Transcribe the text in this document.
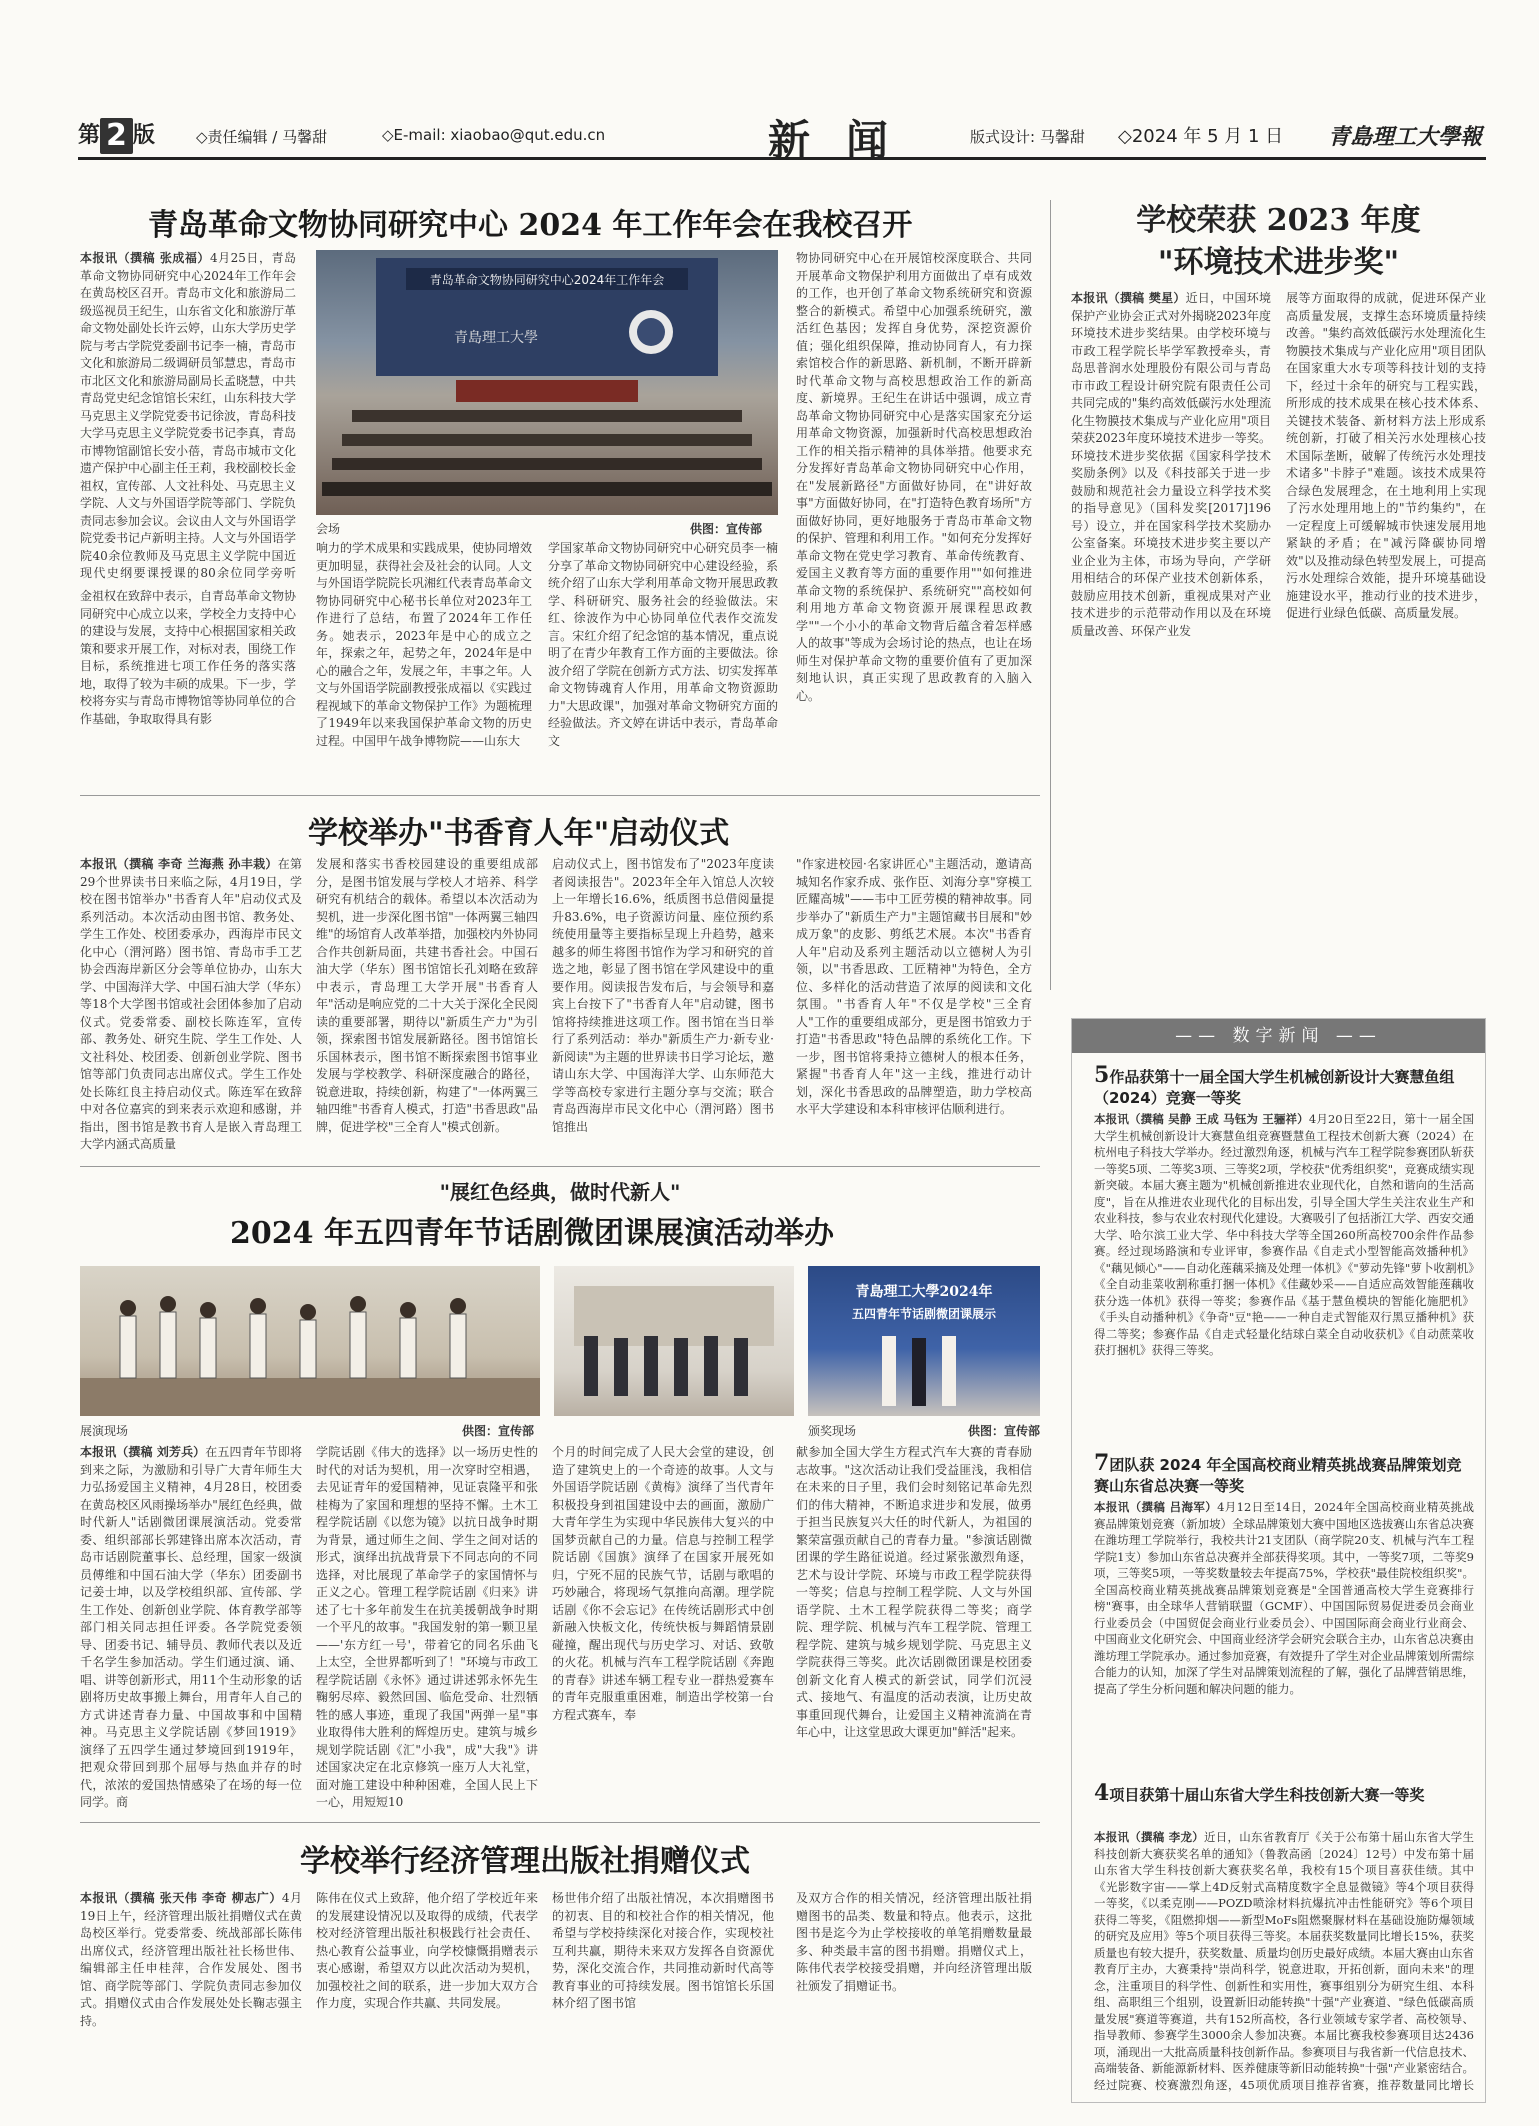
第 2 版	◇责任编辑 / 马馨甜	◇E-mail: xiaobao@qut.edu.cn	新闻	版式设计: 马馨甜 ◇2024 年 5 月 1 日 青島理工大學報
青岛革命文物协同研究中心 2024 年工作年会在我校召开
本报讯（撰稿 张成福）4月25日，青岛革命文物协同研究中心2024年工作年会在黄岛校区召开。青岛市文化和旅游局二级巡视员王纪生，山东省文化和旅游厅革命文物处副处长许云婷，山东大学历史学院与考古学院党委副书记李一楠，青岛市文化和旅游局二级调研员邹慧忠，青岛市市北区文化和旅游局副局长孟晓慧，中共青岛党史纪念馆馆长宋红，山东科技大学马克思主义学院党委书记徐波，青岛科技大学马克思主义学院党委书记李真，青岛市博物馆副馆长安小蓓，青岛市城市文化遗产保护中心副主任王莉，我校副校长金祖权，宣传部、人文社科处、马克思主义学院、人文与外国语学院等部门、学院负责同志参加会议。会议由人文与外国语学院党委书记卢新明主持。人文与外国语学院40余位教师及马克思主义学院中国近现代史纲要课授课的80余位同学旁听
金祖权在致辞中表示，自青岛革命文物协同研究中心成立以来，学校全力支持中心的建设与发展，支持中心根据国家相关政策和要求开展工作，对标对表，围绕工作目标，系统推进七项工作任务的落实落地，取得了较为丰硕的成果。下一步，学校将夯实与青岛市博物馆等协同单位的合作基础，争取取得具有影
青岛革命文物协同研究中心2024年工作年会
青島理工大學
会场	供图：宣传部
响力的学术成果和实践成果，使协同增效更加明显，获得社会及社会的认同。人文与外国语学院院长巩湘红代表青岛革命文物协同研究中心秘书长单位对2023年工作进行了总结，布置了2024年工作任务。她表示，2023年是中心的成立之年，探索之年，起势之年，2024年是中心的融合之年，发展之年，丰事之年。人文与外国语学院副教授张成福以《实践过程视域下的革命文物保护工作》为题梳理了1949年以来我国保护革命文物的历史过程。中国甲午战争博物院——山东大
学国家革命文物协同研究中心研究员李一楠分享了革命文物协同研究中心建设经验，系统介绍了山东大学利用革命文物开展思政教学、科研研究、服务社会的经验做法。宋红、徐波作为中心协同单位代表作交流发言。宋红介绍了纪念馆的基本情况，重点说明了在青少年教育工作方面的主要做法。徐波介绍了学院在创新方式方法、切实发挥革命文物铸魂育人作用，用革命文物资源助力"大思政课"，加强对革命文物研究方面的经验做法。齐文婷在讲话中表示，青岛革命文
物协同研究中心在开展馆校深度联合、共同开展革命文物保护利用方面做出了卓有成效的工作，也开创了革命文物系统研究和资源整合的新模式。希望中心加强系统研究，激活红色基因；发挥自身优势，深挖资源价值；强化组织保障，推动协同育人，有力探索馆校合作的新思路、新机制，不断开辟新时代革命文物与高校思想政治工作的新高度、新境界。王纪生在讲话中强调，成立青岛革命文物协同研究中心是落实国家充分运用革命文物资源，加强新时代高校思想政治工作的相关指示精神的具体举措。他要求充分发挥好青岛革命文物协同研究中心作用，在"发展新路径"方面做好协同，在"讲好故事"方面做好协同，在"打造特色教育场所"方面做好协同，更好地服务于青岛市革命文物的保护、管理和利用工作。"如何充分发挥好革命文物在党史学习教育、革命传统教育、爱国主义教育等方面的重要作用""如何推进革命文物的系统保护、系统研究""高校如何利用地方革命文物资源开展课程思政教学""一个小小的革命文物背后蕴含着怎样感人的故事"等成为会场讨论的热点，也让在场师生对保护革命文物的重要价值有了更加深刻地认识，真正实现了思政教育的入脑入心。
学校荣获 2023 年度
"环境技术进步奖"
本报讯（撰稿 樊星）近日，中国环境保护产业协会正式对外揭晓2023年度环境技术进步奖结果。由学校环境与市政工程学院长毕学军教授牵头，青岛思普润水处理股份有限公司与青岛市市政工程设计研究院有限责任公司共同完成的"集约高效低碳污水处理流化生物膜技术集成与产业化应用"项目荣获2023年度环境技术进步一等奖。环境技术进步奖依据《国家科学技术奖励条例》以及《科技部关于进一步鼓励和规范社会力量设立科学技术奖的指导意见》（国科发奖[2017]196号）设立，并在国家科学技术奖励办公室备案。环境技术进步奖主要以产业企业为主体，市场为导向，产学研用相结合的环保产业技术创新体系，鼓励应用技术创新，重视成果对产业技术进步的示范带动作用以及在环境质量改善、环保产业发
展等方面取得的成就，促进环保产业高质量发展，支撑生态环境质量持续改善。"集约高效低碳污水处理流化生物膜技术集成与产业化应用"项目团队在国家重大水专项等科技计划的支持下，经过十余年的研究与工程实践，所形成的技术成果在核心技术体系、关键技术装备、新材料方法上形成系统创新，打破了相关污水处理核心技术国际垄断，破解了传统污水处理技术诸多"卡脖子"难题。该技术成果符合绿色发展理念，在土地利用上实现了污水处理用地上的"节约集约"，在一定程度上可缓解城市快速发展用地紧缺的矛盾；在"减污降碳协同增效"以及推动绿色转型发展上，可提高污水处理综合效能，提升环境基础设施建设水平，推动行业的技术进步，促进行业绿色低碳、高质量发展。
学校举办"书香育人年"启动仪式
本报讯（撰稿 李奇 兰海燕 孙丰栽）在第29个世界读书日来临之际，4月19日，学校在图书馆举办"书香育人年"启动仪式及系列活动。本次活动由图书馆、教务处、学生工作处、校团委承办，西海岸市民文化中心（渭河路）图书馆、青岛市手工艺协会西海岸新区分会等单位协办，山东大学、中国海洋大学、中国石油大学（华东）等18个大学图书馆或社会团体参加了启动仪式。党委常委、副校长陈连军，宣传部、教务处、研究生院、学生工作处、人文社科处、校团委、创新创业学院、图书馆等部门负责同志出席仪式。学生工作处处长陈红良主持启动仪式。陈连军在致辞中对各位嘉宾的到来表示欢迎和感谢，并指出，图书馆是教书育人是嵌入青岛理工大学内涵式高质量
发展和落实书香校园建设的重要组成部分，是图书馆发展与学校人才培养、科学研究有机结合的载体。希望以本次活动为契机，进一步深化图书馆"一体两翼三轴四维"的场馆育人改革举措，加强校内外协同合作共创新局面，共建书香社会。中国石油大学（华东）图书馆馆长孔刘略在致辞中表示，青岛理工大学开展"书香育人年"活动是响应党的二十大关于深化全民阅读的重要部署，期待以"新质生产力"为引领，探索图书馆发展新路径。图书馆馆长乐国林表示，图书馆不断探索图书馆事业发展与学校教学、科研深度融合的路径，锐意进取，持续创新，构建了"一体两翼三轴四维"书香育人模式，打造"书香思政"品牌，促进学校"三全育人"模式创新。
启动仪式上，图书馆发布了"2023年度读者阅读报告"。2023年全年入馆总人次较上一年增长16.6%，纸质图书总借阅量提升83.6%，电子资源访问量、座位预约系统使用量等主要指标呈现上升趋势，越来越多的师生将图书馆作为学习和研究的首选之地，彰显了图书馆在学风建设中的重要作用。阅读报告发布后，与会领导和嘉宾上台按下了"书香育人年"启动键，图书馆将持续推进这项工作。图书馆在当日举行了系列活动：举办"新质生产力·新专业·新阅读"为主题的世界读书日学习论坛，邀请山东大学、中国海洋大学、山东师范大学等高校专家进行主题分享与交流；联合青岛西海岸市民文化中心（渭河路）图书馆推出
"作家进校园·名家讲匠心"主题活动，邀请高城知名作家乔成、张作臣、刘海分享"穿模工匠耀高城"——韦中工匠劳模的精神故事。同步举办了"新质生产力"主题馆藏书目展和"妙成万象"的皮影、剪纸艺术展。本次"书香育人年"启动及系列主题活动以立德树人为引领，以"书香思政、工匠精神"为特色，全方位、多样化的活动营造了浓厚的阅读和文化氛围。"书香育人年"不仅是学校"三全育人"工作的重要组成部分，更是图书馆致力于打造"书香思政"特色品牌的系统化工作。下一步，图书馆将秉持立德树人的根本任务，紧握"书香育人年"这一主线，推进行动计划，深化书香思政的品牌塑造，助力学校高水平大学建设和本科审核评估顺利进行。
"展红色经典，做时代新人"
2024 年五四青年节话剧微团课展演活动举办
展演现场	供图：宣传部
青島理工大學2024年
五四青年节话剧微团课展示
颁奖现场	供图：宣传部
本报讯（撰稿 刘芳兵）在五四青年节即将到来之际，为激励和引导广大青年师生大力弘扬爱国主义精神，4月28日，校团委在黄岛校区风雨操场举办"展红色经典，做时代新人"话剧微团课展演活动。党委常委、组织部部长郭建锋出席本次活动，青岛市话剧院董事长、总经理，国家一级演员傅维和中国石油大学（华东）团委副书记姜士坤，以及学校组织部、宣传部、学生工作处、创新创业学院、体育教学部等部门相关同志担任评委。各学院党委领导、团委书记、辅导员、教师代表以及近千名学生参加活动。学生们通过演、诵、唱、讲等创新形式，用11个生动形象的话剧将历史故事搬上舞台，用青年人自己的方式讲述青春力量、中国故事和中国精神。马克思主义学院话剧《梦回1919》演绎了五四学生通过梦境回到1919年，把观众带回到那个屈辱与热血并存的时代，浓浓的爱国热情感染了在场的每一位同学。商
学院话剧《伟大的选择》以一场历史性的时代的对话为契机，用一次穿时空相遇，去见证青年的爱国精神，见证袁隆平和张桂梅为了家国和理想的坚持不懈。土木工程学院话剧《以您为镜》以抗日战争时期为背景，通过师生之间、学生之间对话的形式，演绎出抗战背景下不同志向的不同选择，对比展现了革命学子的家国情怀与正义之心。管理工程学院话剧《归来》讲述了七十多年前发生在抗美援朝战争时期一个平凡的故事。"我国发射的第一颗卫星——'东方红一号'，带着它的同名乐曲飞上太空，全世界都听到了！"环境与市政工程学院话剧《永怀》通过讲述郭永怀先生鞠躬尽瘁、毅然回国、临危受命、壮烈牺牲的感人事迹，重现了我国"两弹一星"事业取得伟大胜利的辉煌历史。建筑与城乡规划学院话剧《汇"小我"，成"大我"》讲述国家决定在北京修筑一座万人大礼堂，面对施工建设中种种困难，全国人民上下一心，用短短10
个月的时间完成了人民大会堂的建设，创造了建筑史上的一个奇迹的故事。人文与外国语学院话剧《黄梅》演绎了当代青年积极投身到祖国建设中去的画面，激励广大青年学生为实现中华民族伟大复兴的中国梦贡献自己的力量。信息与控制工程学院话剧《国旗》演绎了在国家开展死如归，宁死不屈的民族气节，话剧与歌唱的巧妙融合，将现场气氛推向高潮。理学院话剧《你不会忘记》在传统话剧形式中创新融入快板文化，传统快板与舞蹈情景剧碰撞，醒出现代与历史学习、对话、致敬的火花。机械与汽车工程学院话剧《奔跑的青春》讲述车辆工程专业一群热爱赛车的青年克服重重困难，制造出学校第一台方程式赛车，奉
献参加全国大学生方程式汽车大赛的青春励志故事。"这次活动让我们受益匪浅，我相信在未来的日子里，我们会时刻铭记革命先烈们的伟大精神，不断追求进步和发展，做勇于担当民族复兴大任的时代新人，为祖国的繁荣富强贡献自己的青春力量。"参演话剧微团课的学生路征说道。经过紧张激烈角逐，艺术与设计学院、环境与市政工程学院获得一等奖；信息与控制工程学院、人文与外国语学院、土木工程学院获得二等奖；商学院、理学院、机械与汽车工程学院、管理工程学院、建筑与城乡规划学院、马克思主义学院获得三等奖。此次话剧微团课是校团委创新文化育人模式的新尝试，同学们沉浸式、接地气、有温度的活动表演，让历史故事重回现代舞台，让爱国主义精神流淌在青年心中，让这堂思政大课更加"鲜活"起来。
学校举行经济管理出版社捐赠仪式
本报讯（撰稿 张天伟 李奇 柳志广）4月19日上午，经济管理出版社捐赠仪式在黄岛校区举行。党委常委、统战部部长陈伟出席仪式，经济管理出版社社长杨世伟、编辑部主任申桂萍，合作发展处、图书馆、商学院等部门、学院负责同志参加仪式。捐赠仪式由合作发展处处长鞠志强主持。
陈伟在仪式上致辞，他介绍了学校近年来的发展建设情况以及取得的成绩，代表学校对经济管理出版社积极践行社会责任、热心教育公益事业，向学校慷慨捐赠表示衷心感谢，希望双方以此次活动为契机，加强校社之间的联系，进一步加大双方合作力度，实现合作共赢、共同发展。
杨世伟介绍了出版社情况，本次捐赠图书的初衷、目的和校社合作的相关情况，他希望与学校持续深化对接合作，实现校社互利共赢，期待未来双方发挥各自资源优势，深化交流合作，共同推动新时代高等教育事业的可持续发展。图书馆馆长乐国林介绍了图书馆
及双方合作的相关情况，经济管理出版社捐赠图书的品类、数量和特点。他表示，这批图书是迄今为止学校接收的单笔捐赠数量最多、种类最丰富的图书捐赠。捐赠仪式上，陈伟代表学校接受捐赠，并向经济管理出版社颁发了捐赠证书。
—— 数字新闻 ——
5作品获第十一届全国大学生机械创新设计大赛慧鱼组（2024）竞赛一等奖
本报讯（撰稿 吴静 王成 马钰为 王骊祥）4月20日至22日，第十一届全国大学生机械创新设计大赛慧鱼组竞赛暨慧鱼工程技术创新大赛（2024）在杭州电子科技大学举办。经过激烈角逐，机械与汽车工程学院参赛团队斩获一等奖5项、二等奖3项、三等奖2项，学校获"优秀组织奖"，竞赛成绩实现新突破。本届大赛主题为"机械创新推进农业现代化，自然和谐向的生活高度"，旨在从推进农业现代化的目标出发，引导全国大学生关注农业生产和农业科技，参与农业农村现代化建设。大赛吸引了包括浙江大学、西安交通大学、哈尔滨工业大学、华中科技大学等全国260所高校700余件作品参赛。经过现场路演和专业评审，参赛作品《自走式小型智能高效播种机》《"藕见倾心"——自动化莲藕采摘及处理一体机》《"萝动先锋"萝卜收割机》《全自动韭菜收割称重打捆一体机》《佳藏妙采——自适应高效智能莲藕收获分选一体机》获得一等奖；参赛作品《基于慧鱼模块的智能化施肥机》《手头自动播种机》《争奇"豆"艳——一种自走式智能双行黑豆播种机》获得二等奖；参赛作品《自走式轻量化结球白菜全自动收获机》《自动蔗菜收获打捆机》获得三等奖。
7团队获 2024 年全国高校商业精英挑战赛品牌策划竞赛山东省总决赛一等奖
本报讯（撰稿 吕海军）4月12日至14日，2024年全国高校商业精英挑战赛品牌策划竞赛（新加坡）全球品牌策划大赛中国地区选拔赛山东省总决赛在潍坊理工学院举行，我校共计21支团队（商学院20支、机械与汽车工程学院1支）参加山东省总决赛并全部获得奖项。其中，一等奖7项，二等奖9项，三等奖5项，一等奖数量较去年提高75%，学校获"最佳院校组织奖"。全国高校商业精英挑战赛品牌策划竞赛是"全国普通高校大学生竞赛排行榜"赛事，由全球华人营销联盟（GCMF）、中国国际贸易促进委员会商业行业委员会（中国贸促会商业行业委员会）、中国国际商会商业行业商会、中国商业文化研究会、中国商业经济学会研究会联合主办，山东省总决赛由潍坊理工学院承办。通过参加竞赛，有效提升了学生对企业品牌策划所需综合能力的认知，加深了学生对品牌策划流程的了解，强化了品牌营销思维，提高了学生分析问题和解决问题的能力。
4项目获第十届山东省大学生科技创新大赛一等奖
本报讯（撰稿 李龙）近日，山东省教育厅《关于公布第十届山东省大学生科技创新大赛获奖名单的通知》（鲁教高函〔2024〕12号）中发布第十届山东省大学生科技创新大赛获奖名单，我校有15个项目喜获佳绩。其中《光影数字宙——掌上4D反射式高精度数字全息显微镜》等4个项目获得一等奖，《以柔克刚——POZD喷涂材料抗爆抗冲击性能研究》等6个项目获得二等奖，《阻燃抑烟——新型MoFs阻燃聚脲材料在基础设施防爆领域的研究及应用》等5个项目获得三等奖。本届获奖数量同比增长15%，获奖质量也有较大提升，获奖数量、质量均创历史最好成绩。本届大赛由山东省教育厅主办，大赛秉持"崇尚科学，锐意进取，开拓创新，面向未来"的理念，注重项目的科学性、创新性和实用性，赛事组别分为研究生组、本科组、高职组三个组别，设置新旧动能转换"十强"产业赛道、"绿色低碳高质量发展"赛道等赛道，共有152所高校，各行业领域专家学者、高校领导、指导教师、参赛学生3000余人参加决赛。本届比赛我校参赛项目达2436项，涌现出一大批高质量科技创新作品。参赛项目与我省新一代信息技术、高端装备、新能源新材料、医养健康等新旧动能转换"十强"产业紧密结合。经过院赛、校赛激烈角逐，45项优质项目推荐省赛，推荐数量同比增长
